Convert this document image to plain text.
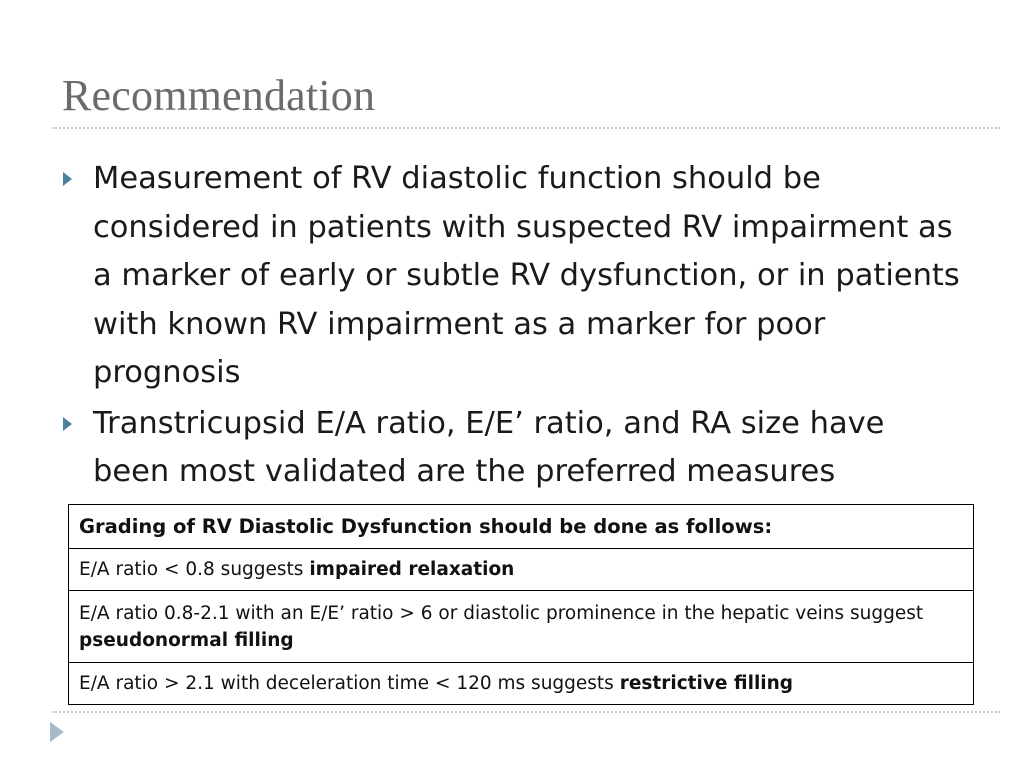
Recommendation
Measurement of RV diastolic function should be considered in patients with suspected RV impairment as a marker of early or subtle RV dysfunction, or in patients with known RV impairment as a marker for poor prognosis
Transtricupsid E/A ratio, E/E’ ratio, and RA size have been most validated are the preferred measures
Grading of RV Diastolic Dysfunction should be done as follows:
E/A ratio < 0.8 suggests impaired relaxation
E/A ratio 0.8-2.1 with an E/E’ ratio > 6 or diastolic prominence in the hepatic veins suggest pseudonormal filling
E/A ratio > 2.1 with deceleration time < 120 ms suggests restrictive filling
